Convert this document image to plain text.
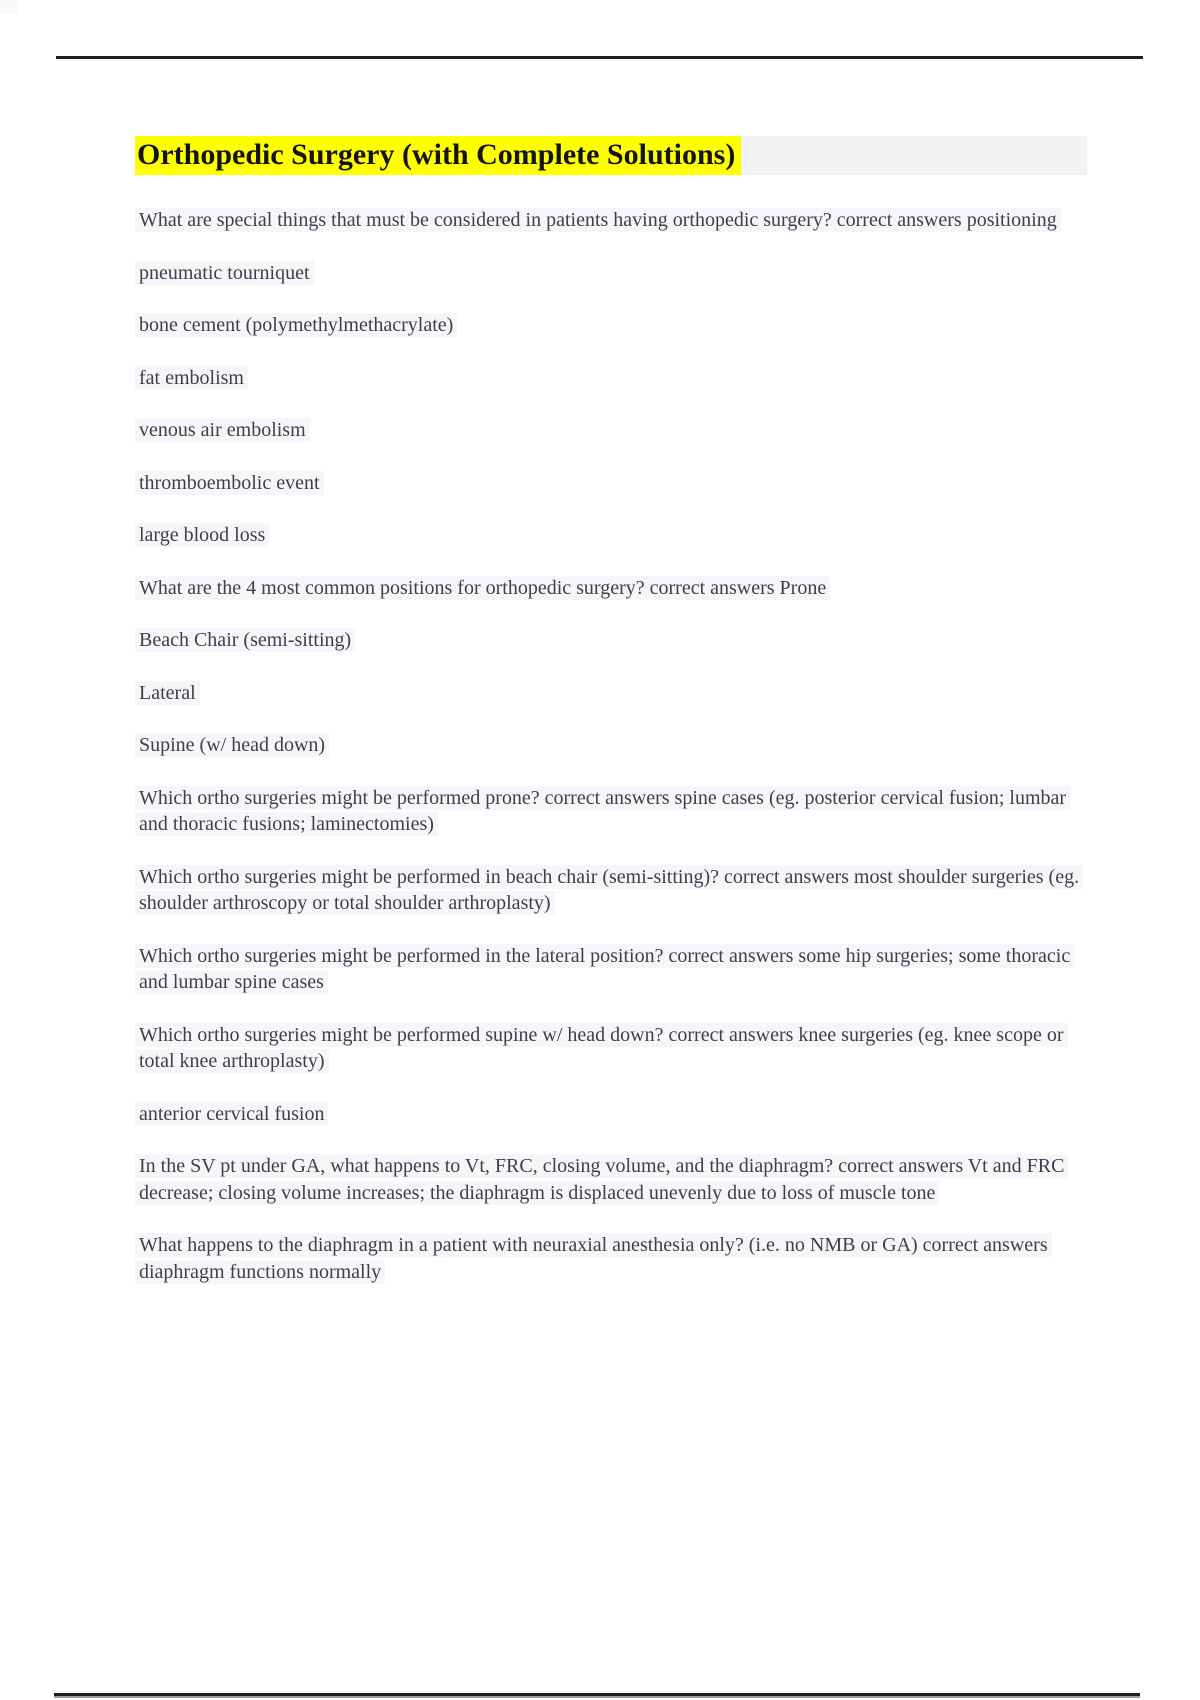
Orthopedic Surgery (with Complete Solutions)

What are special things that must be considered in patients having orthopedic surgery? correct answers positioning

pneumatic tourniquet

bone cement (polymethylmethacrylate)

fat embolism

venous air embolism

thromboembolic event

large blood loss

What are the 4 most common positions for orthopedic surgery? correct answers Prone

Beach Chair (semi-sitting)

Lateral

Supine (w/ head down)

Which ortho surgeries might be performed prone? correct answers spine cases (eg. posterior cervical fusion; lumbar and thoracic fusions; laminectomies)

Which ortho surgeries might be performed in beach chair (semi-sitting)? correct answers most shoulder surgeries (eg. shoulder arthroscopy or total shoulder arthroplasty)

Which ortho surgeries might be performed in the lateral position? correct answers some hip surgeries; some thoracic and lumbar spine cases

Which ortho surgeries might be performed supine w/ head down? correct answers knee surgeries (eg. knee scope or total knee arthroplasty)

anterior cervical fusion

In the SV pt under GA, what happens to Vt, FRC, closing volume, and the diaphragm? correct answers Vt and FRC decrease; closing volume increases; the diaphragm is displaced unevenly due to loss of muscle tone

What happens to the diaphragm in a patient with neuraxial anesthesia only? (i.e. no NMB or GA) correct answers diaphragm functions normally
